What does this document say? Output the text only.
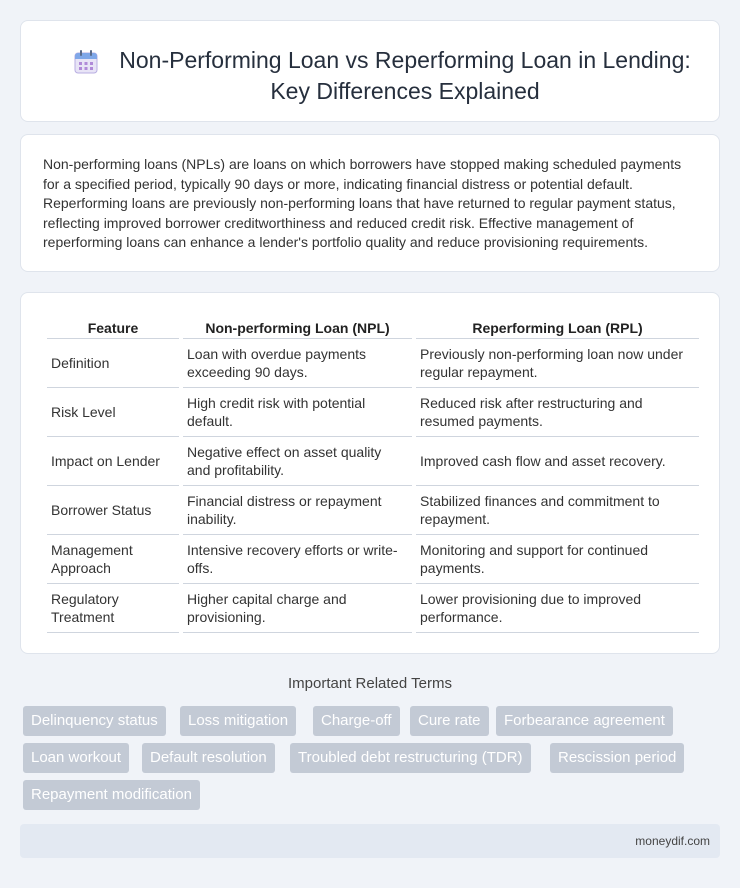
Non-Performing Loan vs Reperforming Loan in Lending:
Key Differences Explained

Non-performing loans (NPLs) are loans on which borrowers have stopped making scheduled payments for a specified period, typically 90 days or more, indicating financial distress or potential default. Reperforming loans are previously non-performing loans that have returned to regular payment status, reflecting improved borrower creditworthiness and reduced credit risk. Effective management of reperforming loans can enhance a lender's portfolio quality and reduce provisioning requirements.

Feature	Non-performing Loan (NPL)	Reperforming Loan (RPL)
Definition	Loan with overdue payments exceeding 90 days.	Previously non-performing loan now under regular repayment.
Risk Level	High credit risk with potential default.	Reduced risk after restructuring and resumed payments.
Impact on Lender	Negative effect on asset quality and profitability.	Improved cash flow and asset recovery.
Borrower Status	Financial distress or repayment inability.	Stabilized finances and commitment to repayment.
Management Approach	Intensive recovery efforts or write-offs.	Monitoring and support for continued payments.
Regulatory Treatment	Higher capital charge and provisioning.	Lower provisioning due to improved performance.
Important Related Terms
Delinquency status	Loss mitigation	Charge-off	Cure rate	Forbearance agreement
Loan workout	Default resolution	Troubled debt restructuring (TDR)	Rescission period
Repayment modification
moneydif.com
